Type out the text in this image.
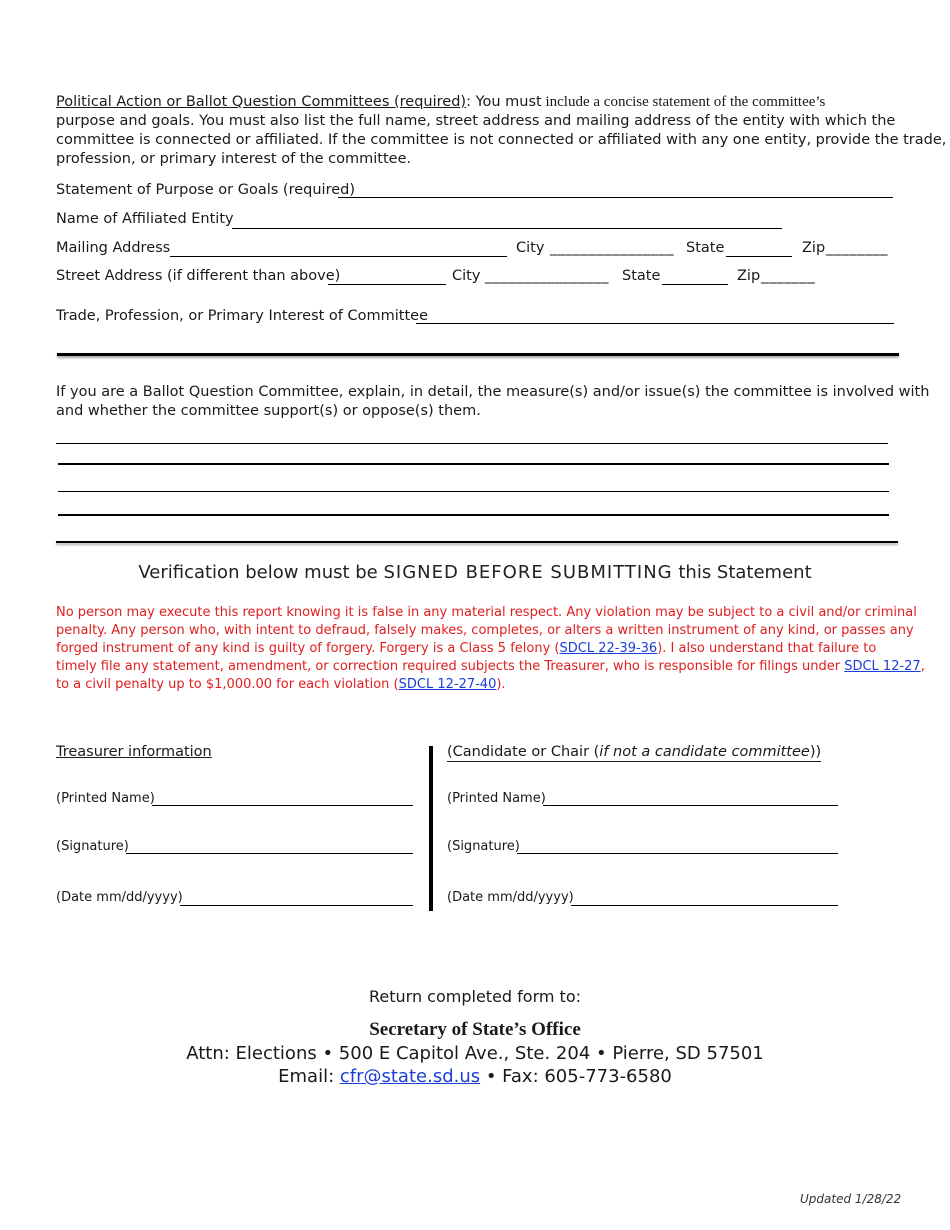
Political Action or Ballot Question Committees (required): You must include a concise statement of the committee’s
purpose and goals. You must also list the full name, street address and mailing address of the entity with which the
committee is connected or affiliated. If the committee is not connected or affiliated with any one entity, provide the trade,
profession, or primary interest of the committee.
Statement of Purpose or Goals (required)
Name of Affiliated Entity
Mailing Address	City ________________ State	Zip ________
Street Address (if different than above)	City ________________ State	Zip _______
Trade, Profession, or Primary Interest of Committee
If you are a Ballot Question Committee, explain, in detail, the measure(s) and/or issue(s) the committee is involved with
and whether the committee support(s) or oppose(s) them.
Verification below must be SIGNED BEFORE SUBMITTING this Statement
No person may execute this report knowing it is false in any material respect. Any violation may be subject to a civil and/or criminal
penalty. Any person who, with intent to defraud, falsely makes, completes, or alters a written instrument of any kind, or passes any
forged instrument of any kind is guilty of forgery. Forgery is a Class 5 felony (SDCL 22-39-36). I also understand that failure to
timely file any statement, amendment, or correction required subjects the Treasurer, who is responsible for filings under SDCL 12-27,
to a civil penalty up to $1,000.00 for each violation (SDCL 12-27-40).
Treasurer information
(Printed Name)
(Signature)
(Date mm/dd/yyyy)
(Candidate or Chair (if not a candidate committee))
(Printed Name)
(Signature)
(Date mm/dd/yyyy)
Return completed form to:
Secretary of State’s Office
Attn: Elections • 500 E Capitol Ave., Ste. 204 • Pierre, SD 57501
Email: cfr@state.sd.us • Fax: 605-773-6580
Updated 1/28/22
